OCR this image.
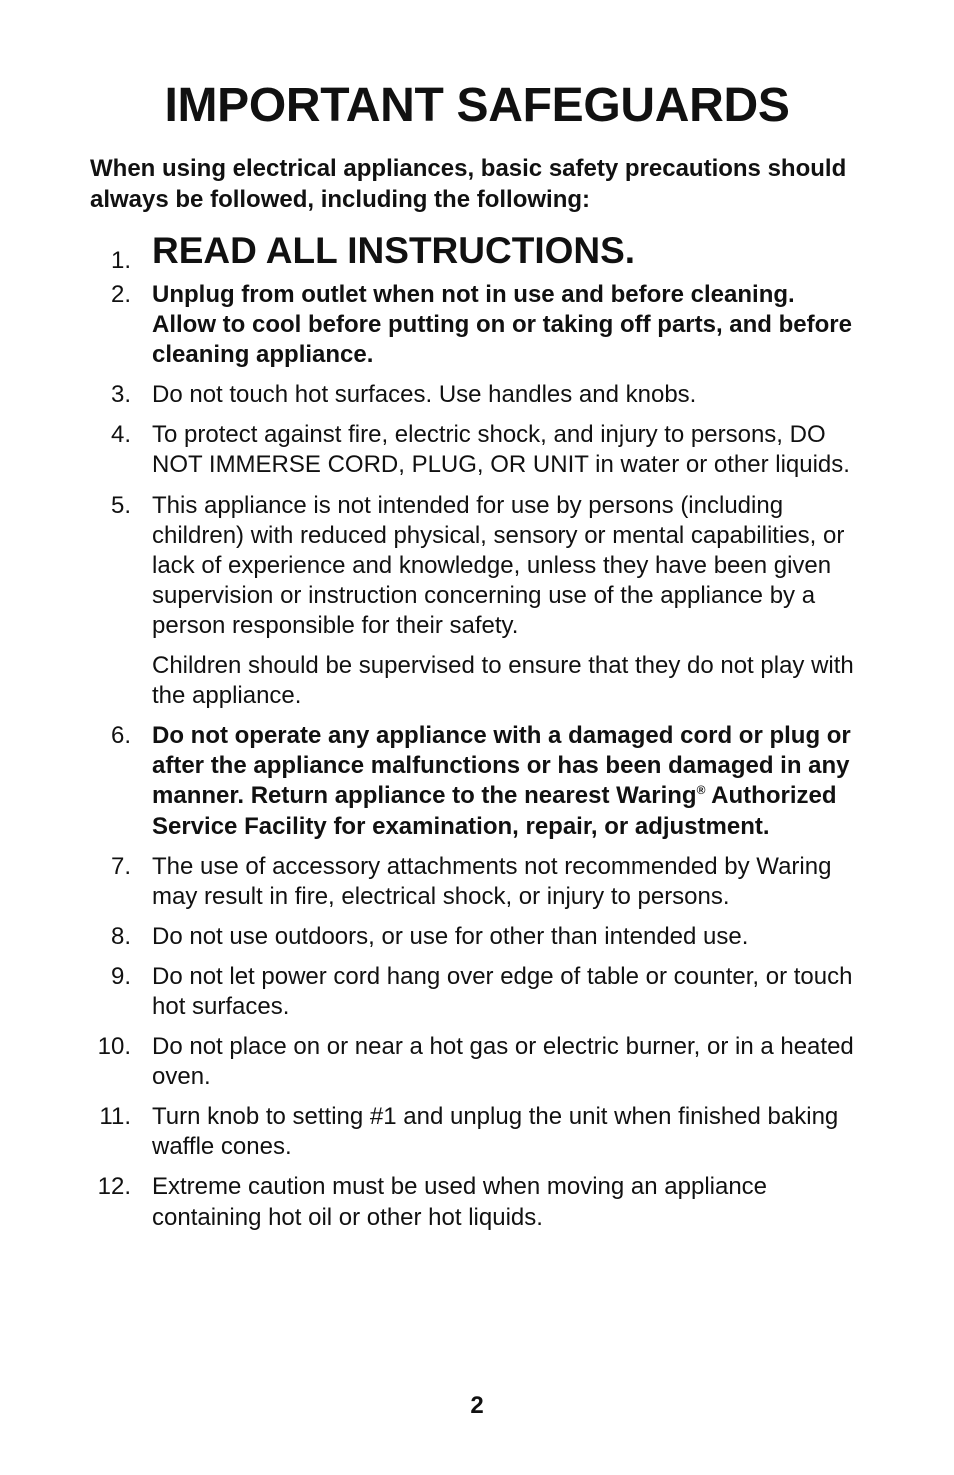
IMPORTANT SAFEGUARDS

When using electrical appliances, basic safety precautions should always be followed, including the following:

1. READ ALL INSTRUCTIONS.
2. Unplug from outlet when not in use and before cleaning. Allow to cool before putting on or taking off parts, and before cleaning appliance.
3. Do not touch hot surfaces. Use handles and knobs.
4. To protect against fire, electric shock, and injury to persons, DO NOT IMMERSE CORD, PLUG, OR UNIT in water or other liquids.
5. This appliance is not intended for use by persons (including children) with reduced physical, sensory or mental capabilities, or lack of experience and knowledge, unless they have been given supervision or instruction concerning use of the appliance by a person responsible for their safety.
Children should be supervised to ensure that they do not play with the appliance.
6. Do not operate any appliance with a damaged cord or plug or after the appliance malfunctions or has been damaged in any manner. Return appliance to the nearest Waring® Authorized Service Facility for examination, repair, or adjustment.
7. The use of accessory attachments not recommended by Waring may result in fire, electrical shock, or injury to persons.
8. Do not use outdoors, or use for other than intended use.
9. Do not let power cord hang over edge of table or counter, or touch hot surfaces.
10. Do not place on or near a hot gas or electric burner, or in a heated oven.
11. Turn knob to setting #1 and unplug the unit when finished baking waffle cones.
12. Extreme caution must be used when moving an appliance containing hot oil or other hot liquids.
2
